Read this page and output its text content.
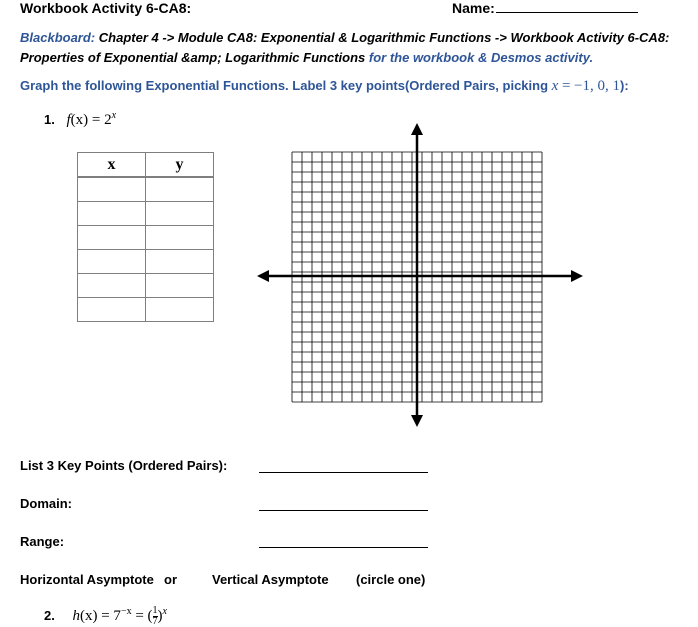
Workbook Activity 6-CA8:	Name:
Blackboard: Chapter 4 -> Module CA8: Exponential & Logarithmic Functions -> Workbook Activity 6-CA8: Properties of Exponential &amp; Logarithmic Functions for the workbook & Desmos activity.
Graph the following Exponential Functions. Label 3 key points(Ordered Pairs, picking x = −1, 0, 1):
1. $f(x) = 2^x$
x	y

List 3 Key Points (Ordered Pairs):
Domain:
Range:
Horizontal Asymptote or	Vertical Asymptote (circle one)
2. $h(x) = 7^{-x}$ = ( $\frac{1}{7} )^x$
